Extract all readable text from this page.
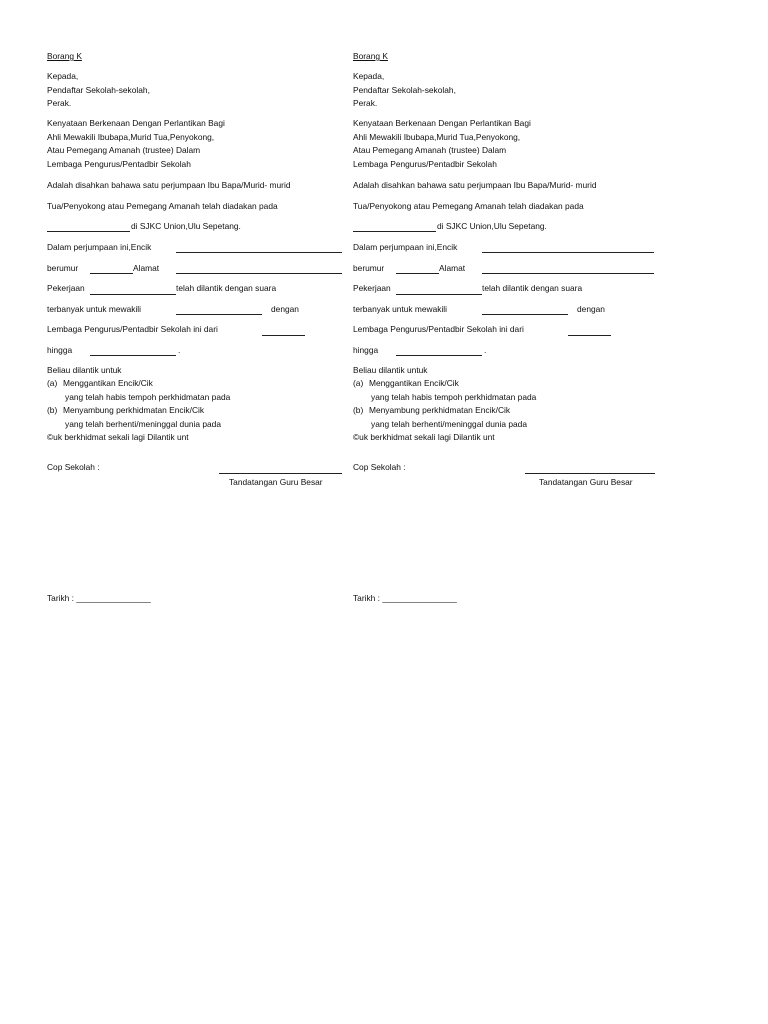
Borang K
Kepada,
Pendaftar Sekolah-sekolah,
Perak.
Kenyataan Berkenaan Dengan Perlantikan Bagi
Ahli Mewakili Ibubapa,Murid Tua,Penyokong,
Atau Pemegang Amanah (trustee) Dalam
Lembaga Pengurus/Pentadbir Sekolah
Adalah disahkan bahawa satu perjumpaan Ibu Bapa/Murid- murid
Tua/Penyokong atau Pemegang Amanah telah diadakan pada
di SJKC Union,Ulu Sepetang.
Dalam perjumpaan ini,Encik
berumur	Alamat
Pekerjaan	telah dilantik dengan suara
terbanyak untuk mewakili	dengan
Lembaga Pengurus/Pentadbir Sekolah ini dari
hingga	.
Beliau dilantik untuk
(a) Menggantikan Encik/Cik
yang telah habis tempoh perkhidmatan pada
(b) Menyambung perkhidmatan Encik/Cik
yang telah berhenti/meninggal dunia pada
©uk berkhidmat sekali lagi Dilantik unt
Cop Sekolah :
Tandatangan Guru Besar
Tarikh : ________________
Borang K
Kepada,
Pendaftar Sekolah-sekolah,
Perak.
Kenyataan Berkenaan Dengan Perlantikan Bagi
Ahli Mewakili Ibubapa,Murid Tua,Penyokong,
Atau Pemegang Amanah (trustee) Dalam
Lembaga Pengurus/Pentadbir Sekolah
Adalah disahkan bahawa satu perjumpaan Ibu Bapa/Murid- murid
Tua/Penyokong atau Pemegang Amanah telah diadakan pada
di SJKC Union,Ulu Sepetang.
Dalam perjumpaan ini,Encik
berumur	Alamat
Pekerjaan	telah dilantik dengan suara
terbanyak untuk mewakili	dengan
Lembaga Pengurus/Pentadbir Sekolah ini dari
hingga	.
Beliau dilantik untuk
(a) Menggantikan Encik/Cik
yang telah habis tempoh perkhidmatan pada
(b) Menyambung perkhidmatan Encik/Cik
yang telah berhenti/meninggal dunia pada
©uk berkhidmat sekali lagi Dilantik unt
Cop Sekolah :
Tandatangan Guru Besar
Tarikh : ________________
